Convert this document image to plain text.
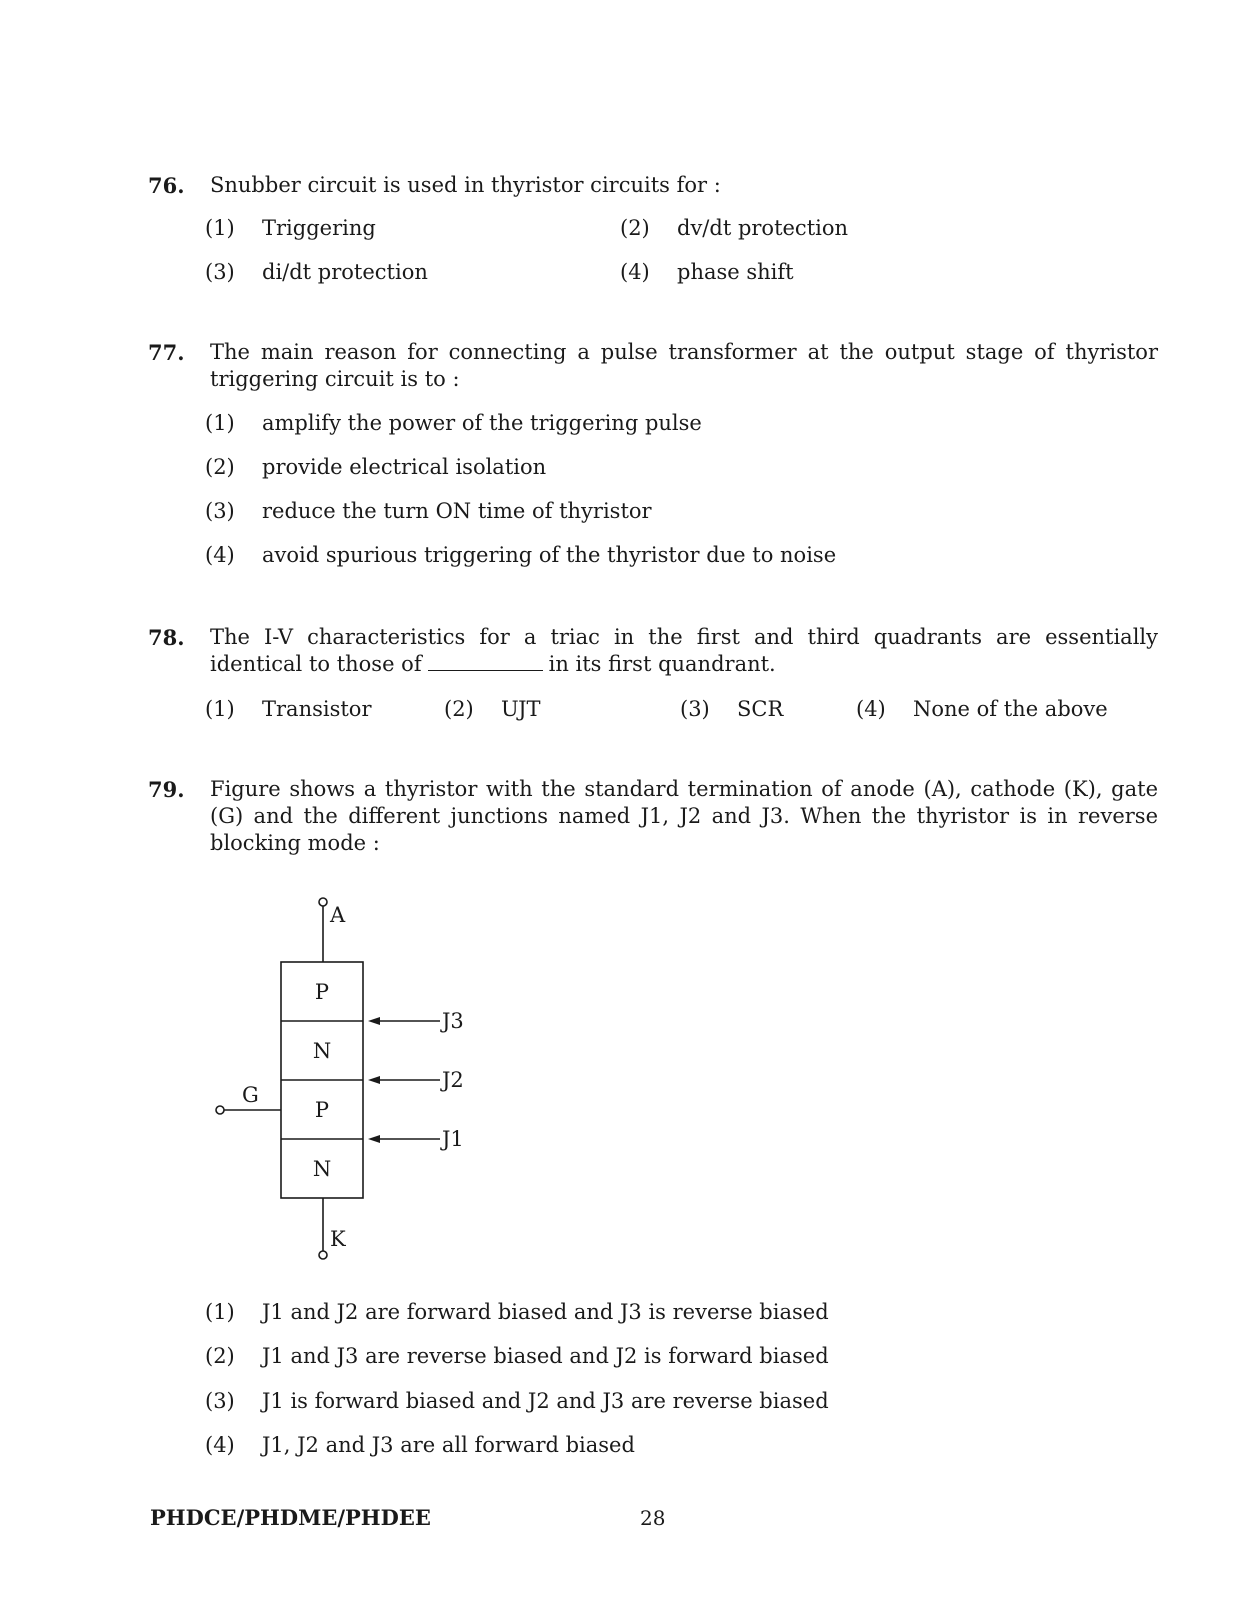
76. Snubber circuit is used in thyristor circuits for :
(1) Triggering	(2) dv/dt protection
(3) di/dt protection	(4) phase shift
77. The main reason for connecting a pulse transformer at the output stage of thyristor triggering circuit is to :
(1) amplify the power of the triggering pulse
(2) provide electrical isolation
(3) reduce the turn ON time of thyristor
(4) avoid spurious triggering of the thyristor due to noise
78. The I-V characteristics for a triac in the first and third quadrants are essentially identical to those of	in its first quandrant.
(1) Transistor	(2) UJT	(3) SCR	(4) None of the above
79. Figure shows a thyristor with the standard termination of anode (A), cathode (K), gate (G) and the different junctions named J1, J2 and J3. When the thyristor is in reverse blocking mode :
A
K
G
P
N
P
N
J3
J2
J1
(1) J1 and J2 are forward biased and J3 is reverse biased
(2) J1 and J3 are reverse biased and J2 is forward biased
(3) J1 is forward biased and J2 and J3 are reverse biased
(4) J1, J2 and J3 are all forward biased
PHDCE/PHDME/PHDEE	28
